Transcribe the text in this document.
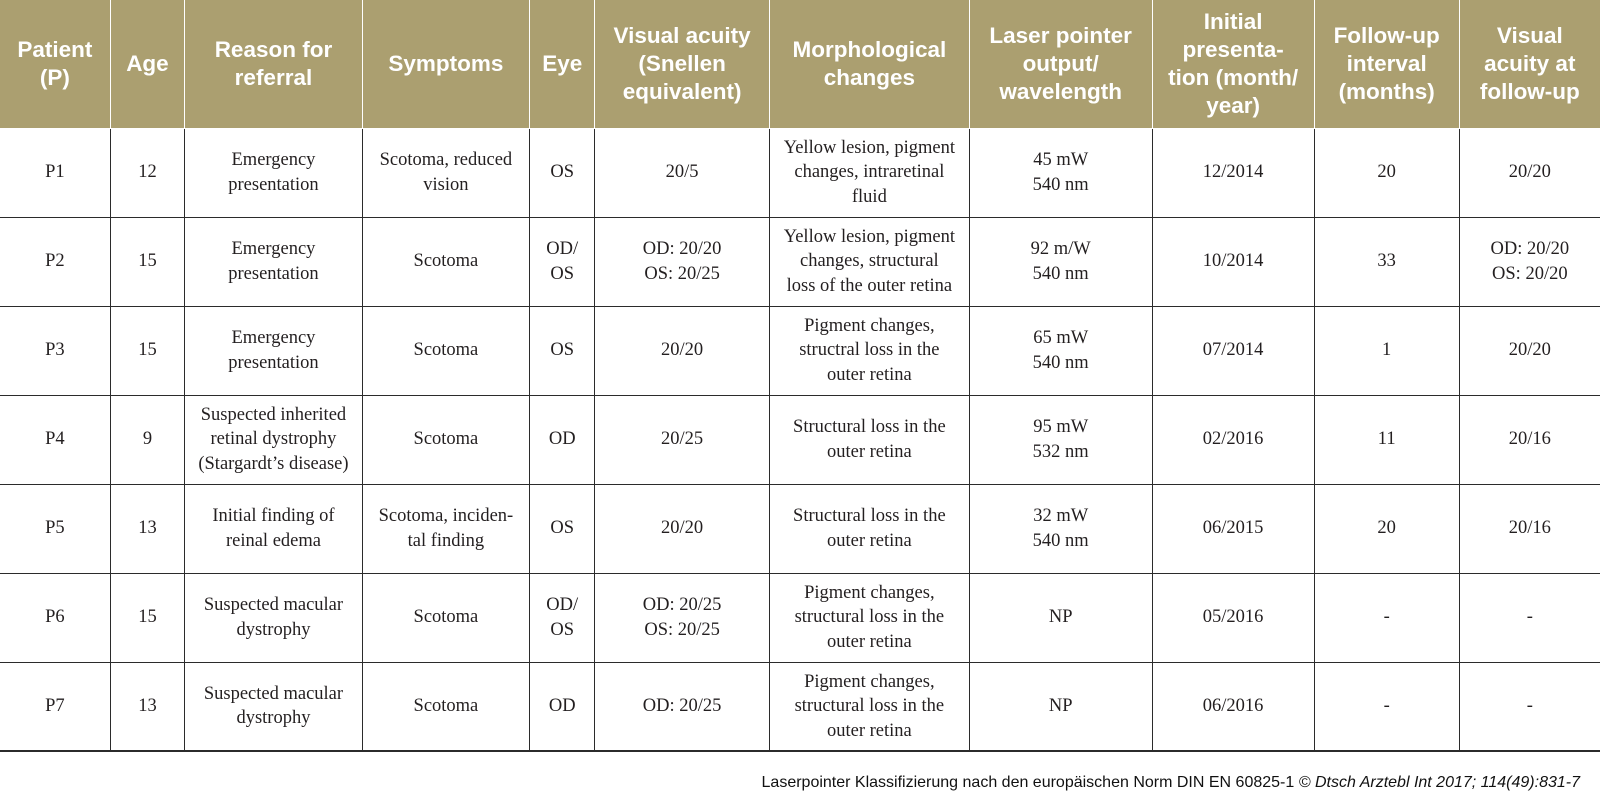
Patient
(P)	Age	Reason for
referral	Symptoms	Eye	Visual acuity
(Snellen
equivalent)	Morphological
changes	Laser pointer
output/
wavelength	Initial
presenta-
tion (month/
year)	Follow-up
interval
(months)	Visual
acuity at
follow-up

P1	12	Emergency
presentation	Scotoma, reduced
vision	OS	20/5	Yellow lesion, pigment
changes, intraretinal
fluid	45 mW
540 nm	12/2014	20	20/20

P2	15	Emergency
presentation	Scotoma	OD/
OS	OD: 20/20
OS: 20/25	Yellow lesion, pigment
changes, structural
loss of the outer retina	92 m/W
540 nm	10/2014	33	OD: 20/20
OS: 20/20

P3	15	Emergency
presentation	Scotoma	OS	20/20	Pigment changes,
structral loss in the
outer retina	65 mW
540 nm	07/2014	1	20/20

P4	9	Suspected inherited
retinal dystrophy
(Stargardt’s disease)	Scotoma	OD	20/25	Structural loss in the
outer retina	95 mW
532 nm	02/2016	11	20/16

P5	13	Initial finding of
reinal edema	Scotoma, inciden-
tal finding	OS	20/20	Structural loss in the
outer retina	32 mW
540 nm	06/2015	20	20/16

P6	15	Suspected macular
dystrophy	Scotoma	OD/
OS	OD: 20/25
OS: 20/25	Pigment changes,
structural loss in the
outer retina	NP	05/2016	-	-

P7	13	Suspected macular
dystrophy	Scotoma	OD	OD: 20/25	Pigment changes,
structural loss in the
outer retina	NP	06/2016	-	-
Laserpointer Klassifizierung nach den europäischen Norm DIN EN 60825-1 © Dtsch Arztebl Int 2017; 114(49):831-7
